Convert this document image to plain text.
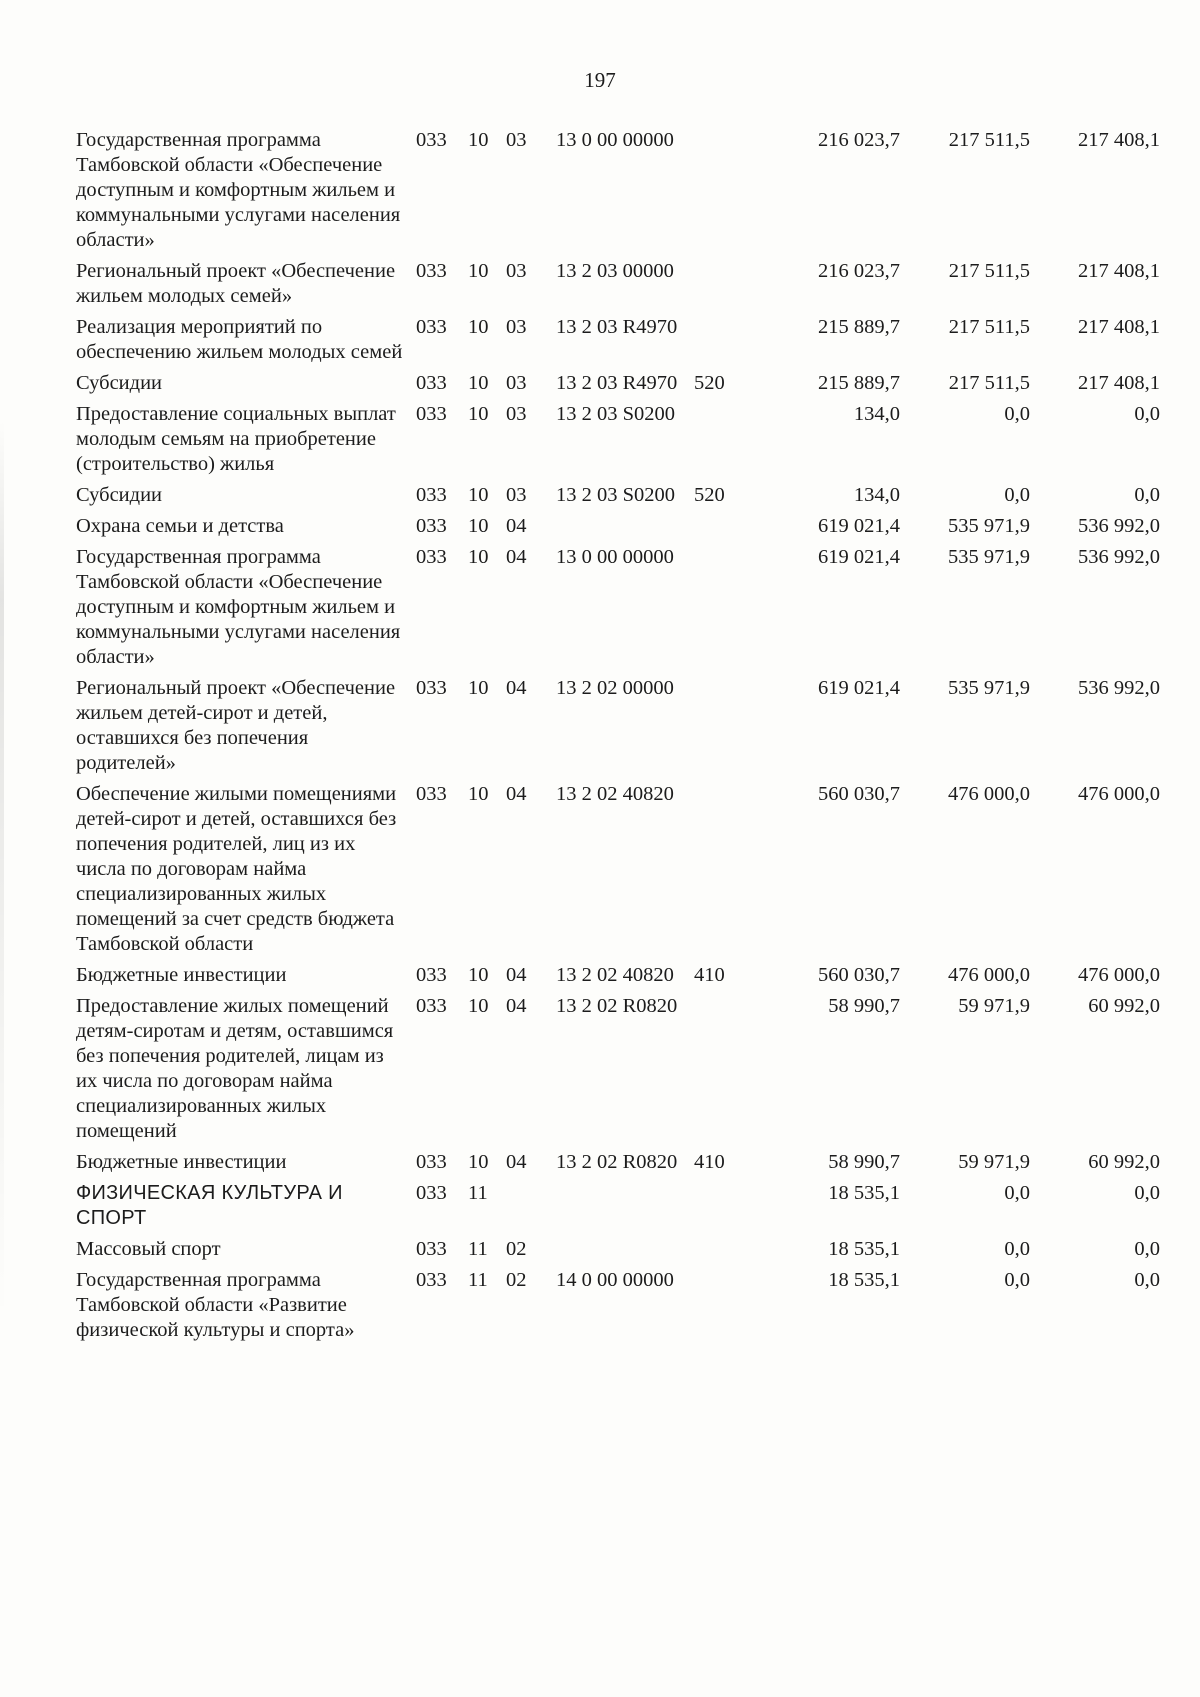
197
Государственная программа Тамбовской области «Обеспечение доступным и комфортным жильем и коммунальными услугами населения области»	033	10	03	13 0 00 00000		216 023,7	217 511,5	217 408,1
Региональный проект «Обеспечение жильем молодых семей»	033	10	03	13 2 03 00000		216 023,7	217 511,5	217 408,1
Реализация мероприятий по обеспечению жильем молодых семей	033	10	03	13 2 03 R4970		215 889,7	217 511,5	217 408,1
Субсидии	033	10	03	13 2 03 R4970	520	215 889,7	217 511,5	217 408,1
Предоставление социальных выплат молодым семьям на приобретение (строительство) жилья	033	10	03	13 2 03 S0200		134,0	0,0	0,0
Субсидии	033	10	03	13 2 03 S0200	520	134,0	0,0	0,0
Охрана семьи и детства	033	10	04			619 021,4	535 971,9	536 992,0
Государственная программа Тамбовской области «Обеспечение доступным и комфортным жильем и коммунальными услугами населения области»	033	10	04	13 0 00 00000		619 021,4	535 971,9	536 992,0
Региональный проект «Обеспечение жильем детей-сирот и детей, оставшихся без попечения родителей»	033	10	04	13 2 02 00000		619 021,4	535 971,9	536 992,0
Обеспечение жилыми помещениями детей-сирот и детей, оставшихся без попечения родителей, лиц из их числа по договорам найма специализированных жилых помещений за счет средств бюджета Тамбовской области	033	10	04	13 2 02 40820		560 030,7	476 000,0	476 000,0
Бюджетные инвестиции	033	10	04	13 2 02 40820	410	560 030,7	476 000,0	476 000,0
Предоставление жилых помещений детям-сиротам и детям, оставшимся без попечения родителей, лицам из их числа по договорам найма специализированных жилых помещений	033	10	04	13 2 02 R0820		58 990,7	59 971,9	60 992,0
Бюджетные инвестиции	033	10	04	13 2 02 R0820	410	58 990,7	59 971,9	60 992,0
ФИЗИЧЕСКАЯ КУЛЬТУРА И СПОРТ	033	11				18 535,1	0,0	0,0
Массовый спорт	033	11	02			18 535,1	0,0	0,0
Государственная программа Тамбовской области «Развитие физической культуры и спорта»	033	11	02	14 0 00 00000		18 535,1	0,0	0,0
